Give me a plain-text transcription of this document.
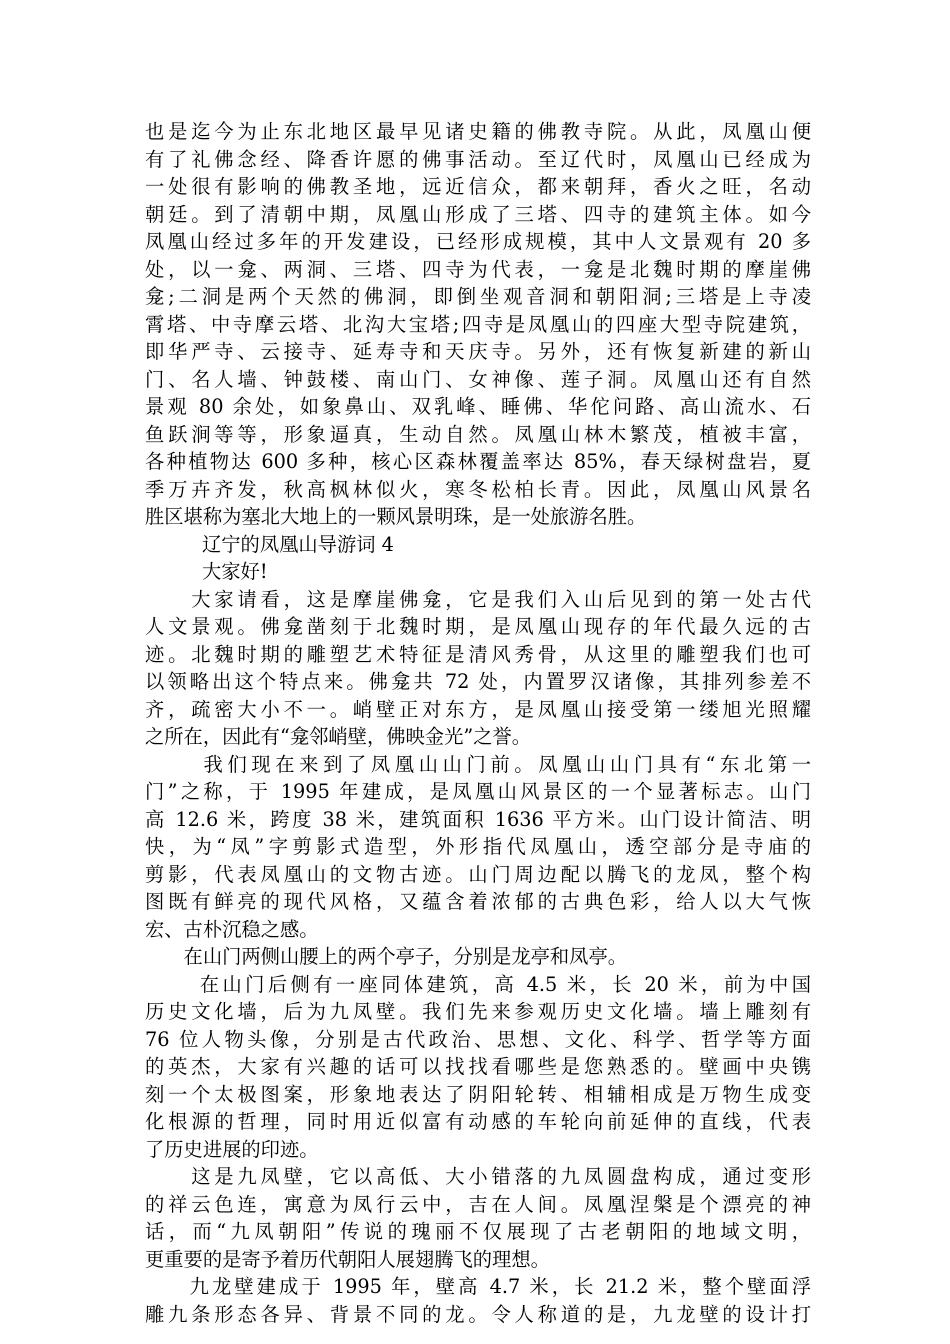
也是迄今为止东北地区最早见诸史籍的佛教寺院。从此，凤凰山便
有了礼佛念经、降香许愿的佛事活动。至辽代时，凤凰山已经成为
一处很有影响的佛教圣地，远近信众，都来朝拜，香火之旺，名动
朝廷。到了清朝中期，凤凰山形成了三塔、四寺的建筑主体。如今
凤凰山经过多年的开发建设，已经形成规模，其中人文景观有 20 多
处，以一龛、两洞、三塔、四寺为代表，一龛是北魏时期的摩崖佛
龛;二洞是两个天然的佛洞，即倒坐观音洞和朝阳洞;三塔是上寺凌
霄塔、中寺摩云塔、北沟大宝塔;四寺是凤凰山的四座大型寺院建筑，
即华严寺、云接寺、延寿寺和天庆寺。另外，还有恢复新建的新山
门、名人墙、钟鼓楼、南山门、女神像、莲子洞。凤凰山还有自然
景观 80 余处，如象鼻山、双乳峰、睡佛、华佗问路、高山流水、石
鱼跃涧等等，形象逼真，生动自然。凤凰山林木繁茂，植被丰富，
各种植物达 600 多种，核心区森林覆盖率达 85%，春天绿树盘岩，夏
季万卉齐发，秋高枫林似火，寒冬松柏长青。因此，凤凰山风景名
胜区堪称为塞北大地上的一颗风景明珠，是一处旅游名胜。
辽宁的凤凰山导游词 4
大家好!
　　大家请看，这是摩崖佛龛，它是我们入山后见到的第一处古代
人文景观。佛龛凿刻于北魏时期，是凤凰山现存的年代最久远的古
迹。北魏时期的雕塑艺术特征是清风秀骨，从这里的雕塑我们也可
以领略出这个特点来。佛龛共 72 处，内置罗汉诸像，其排列参差不
齐，疏密大小不一。峭壁正对东方，是凤凰山接受第一缕旭光照耀
之所在，因此有“龛邻峭壁，佛映金光”之誉。
　　 我们现在来到了凤凰山山门前。凤凰山山门具有“东北第一
门”之称，于 1995 年建成，是凤凰山风景区的一个显著标志。山门
高 12.6 米，跨度 38 米，建筑面积 1636 平方米。山门设计简洁、明
快，为“凤”字剪影式造型，外形指代凤凰山，透空部分是寺庙的
剪影，代表凤凰山的文物古迹。山门周边配以腾飞的龙凤，整个构
图既有鲜亮的现代风格，又蕴含着浓郁的古典色彩，给人以大气恢
宏、古朴沉稳之感。
　　在山门两侧山腰上的两个亭子，分别是龙亭和凤亭。
　　 在山门后侧有一座同体建筑，高 4.5 米，长 20 米，前为中国
历史文化墙，后为九凤壁。我们先来参观历史文化墙。墙上雕刻有
76 位人物头像，分别是古代政治、思想、文化、科学、哲学等方面
的英杰，大家有兴趣的话可以找找看哪些是您熟悉的。壁画中央镌
刻一个太极图案，形象地表达了阴阳轮转、相辅相成是万物生成变
化根源的哲理，同时用近似富有动感的车轮向前延伸的直线，代表
了历史进展的印迹。
　　这是九凤壁，它以高低、大小错落的九凤圆盘构成，通过变形
的祥云色连，寓意为凤行云中，吉在人间。凤凰涅槃是个漂亮的神
话，而“九凤朝阳”传说的瑰丽不仅展现了古老朝阳的地域文明，
更重要的是寄予着历代朝阳人展翅腾飞的理想。
　　九龙壁建成于 1995 年，壁高 4.7 米，长 21.2 米，整个壁面浮
雕九条形态各异、背景不同的龙。令人称道的是，九龙壁的设计打
